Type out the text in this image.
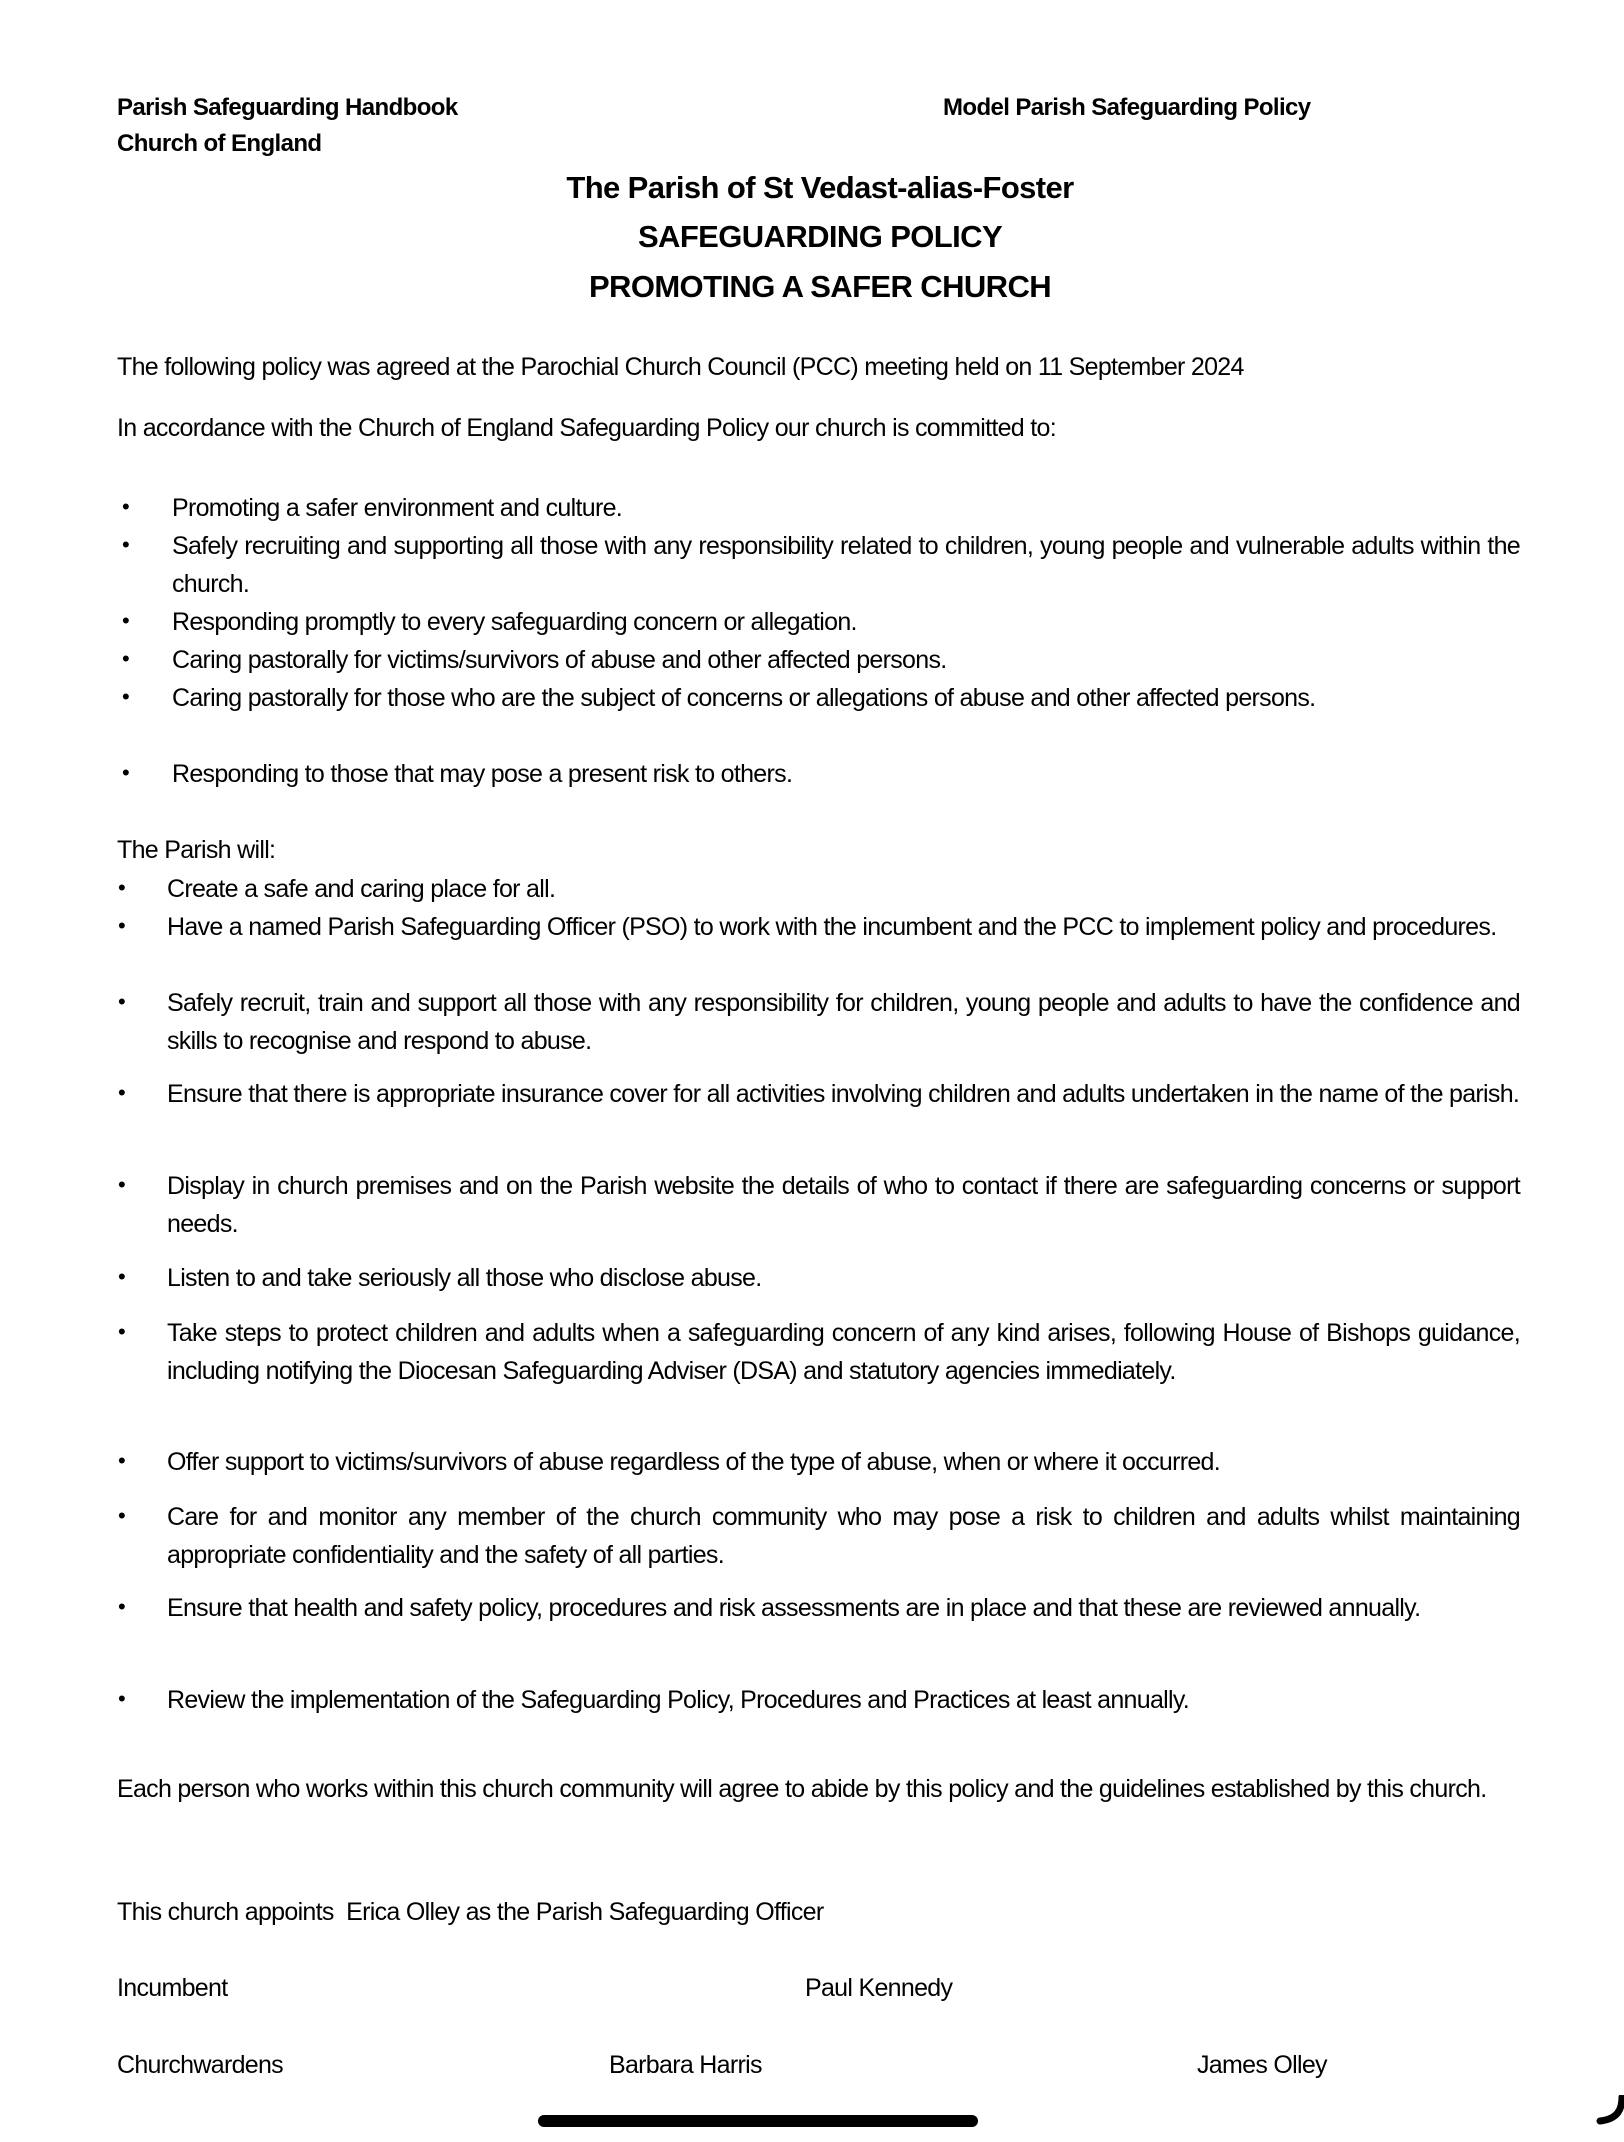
Parish Safeguarding Handbook
Church of England
Model Parish Safeguarding Policy
The Parish of St Vedast-alias-Foster
SAFEGUARDING POLICY
PROMOTING A SAFER CHURCH
The following policy was agreed at the Parochial Church Council (PCC) meeting held on 11 September 2024
In accordance with the Church of England Safeguarding Policy our church is committed to:
• Promoting a safer environment and culture.
• Safely recruiting and supporting all those with any responsibility related to children, young people and vulnerable adults within the church.
• Responding promptly to every safeguarding concern or allegation.
• Caring pastorally for victims/survivors of abuse and other affected persons.
• Caring pastorally for those who are the subject of concerns or allegations of abuse and other affected persons.
• Responding to those that may pose a present risk to others.
The Parish will:
• Create a safe and caring place for all.
• Have a named Parish Safeguarding Officer (PSO) to work with the incumbent and the PCC to implement policy and procedures.
• Safely recruit, train and support all those with any responsibility for children, young people and adults to have the confidence and skills to recognise and respond to abuse.
• Ensure that there is appropriate insurance cover for all activities involving children and adults undertaken in the name of the parish.
• Display in church premises and on the Parish website the details of who to contact if there are safeguarding concerns or support needs.
• Listen to and take seriously all those who disclose abuse.
• Take steps to protect children and adults when a safeguarding concern of any kind arises, following House of Bishops guidance, including notifying the Diocesan Safeguarding Adviser (DSA) and statutory agencies immediately.
• Offer support to victims/survivors of abuse regardless of the type of abuse, when or where it occurred.
• Care for and monitor any member of the church community who may pose a risk to children and adults whilst maintaining appropriate confidentiality and the safety of all parties.
• Ensure that health and safety policy, procedures and risk assessments are in place and that these are reviewed annually.
• Review the implementation of the Safeguarding Policy, Procedures and Practices at least annually.
Each person who works within this church community will agree to abide by this policy and the guidelines established by this church.
This church appoints  Erica Olley as the Parish Safeguarding Officer
Incumbent	Paul Kennedy
Churchwardens	Barbara Harris	James Olley
